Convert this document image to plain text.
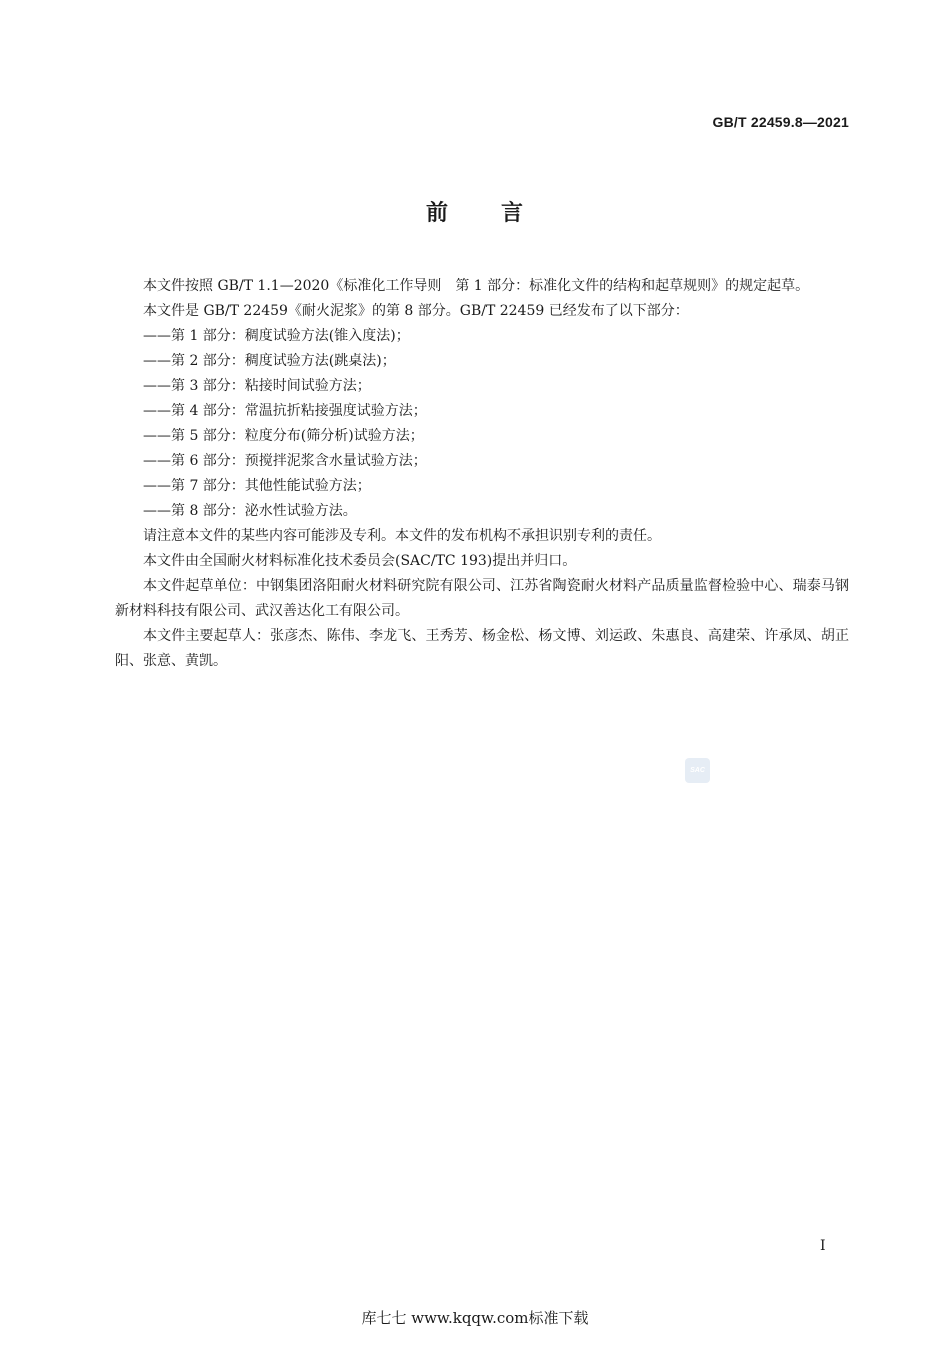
GB/T 22459.8—2021
前 言

本文件按照 GB/T 1.1—2020《标准化工作导则　第 1 部分：标准化文件的结构和起草规则》的规定起草。

本文件是 GB/T 22459《耐火泥浆》的第 8 部分。GB/T 22459 已经发布了以下部分：

——第 1 部分：稠度试验方法(锥入度法)；

——第 2 部分：稠度试验方法(跳桌法)；

——第 3 部分：粘接时间试验方法；

——第 4 部分：常温抗折粘接强度试验方法；

——第 5 部分：粒度分布(筛分析)试验方法；

——第 6 部分：预搅拌泥浆含水量试验方法；

——第 7 部分：其他性能试验方法；

——第 8 部分：泌水性试验方法。

请注意本文件的某些内容可能涉及专利。本文件的发布机构不承担识别专利的责任。

本文件由全国耐火材料标准化技术委员会(SAC/TC 193)提出并归口。

本文件起草单位：中钢集团洛阳耐火材料研究院有限公司、江苏省陶瓷耐火材料产品质量监督检验中心、瑞泰马钢新材料科技有限公司、武汉善达化工有限公司。

本文件主要起草人：张彦杰、陈伟、李龙飞、王秀芳、杨金松、杨文博、刘运政、朱惠良、高建荣、许承凤、胡正阳、张意、黄凯。

SAC
I
库七七 www.kqqw.com标准下载
